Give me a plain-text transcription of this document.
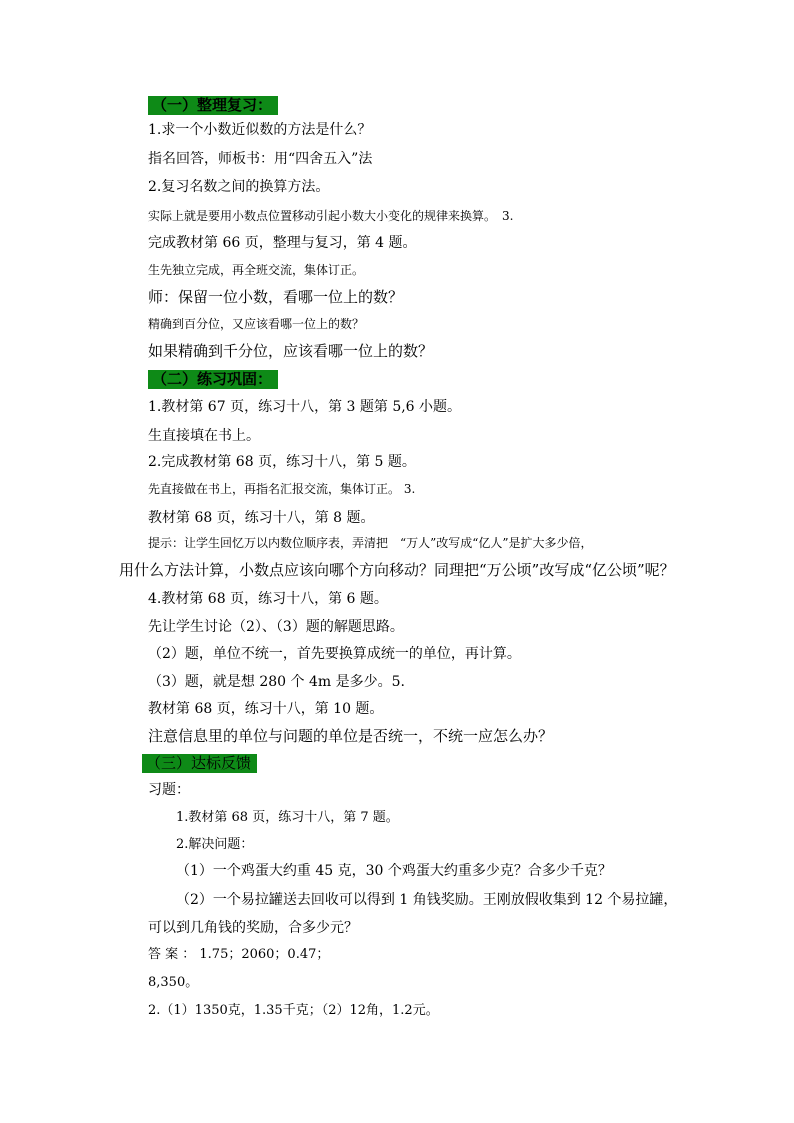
（一）整理复习：
1.求一个小数近似数的方法是什么？
指名回答，师板书：用“四舍五入”法
2.复习名数之间的换算方法。
实际上就是要用小数点位置移动引起小数大小变化的规律来换算。　3.
完成教材第 66 页，整理与复习，第 4 题。
生先独立完成，再全班交流，集体订正。
师：保留一位小数，看哪一位上的数？
精确到百分位，又应该看哪一位上的数？
如果精确到千分位，应该看哪一位上的数？
（二）练习巩固：
1.教材第 67 页，练习十八，第 3 题第 5,6 小题。
生直接填在书上。
2.完成教材第 68 页，练习十八，第 5 题。
先直接做在书上，再指名汇报交流，集体订正。 3.
教材第 68 页，练习十八，第 8 题。
提示：让学生回忆万以内数位顺序表，弄清把　“万人”改写成“亿人”是扩大多少倍，
用什么方法计算，小数点应该向哪个方向移动？同理把“万公顷”改写成“亿公顷”呢？
4.教材第 68 页，练习十八，第 6 题。
先让学生讨论（2）、（3）题的解题思路。
（2）题，单位不统一，首先要换算成统一的单位，再计算。
（3）题，就是想 280 个 4m 是多少。5.
教材第 68 页，练习十八，第 10 题。
注意信息里的单位与问题的单位是否统一，不统一应怎么办？
（三）达标反馈
习题：
1.教材第 68 页，练习十八，第 7 题。
2.解决问题：
（1）一个鸡蛋大约重 45 克，30 个鸡蛋大约重多少克？合多少千克？
（2）一个易拉罐送去回收可以得到 1 角钱奖励。王刚放假收集到 12 个易拉罐，
可以到几角钱的奖励，合多少元？
答 案 ： 1.75；2060；0.47；
8,350。
2.（1）1350克，1.35千克；（2）12角，1.2元。
